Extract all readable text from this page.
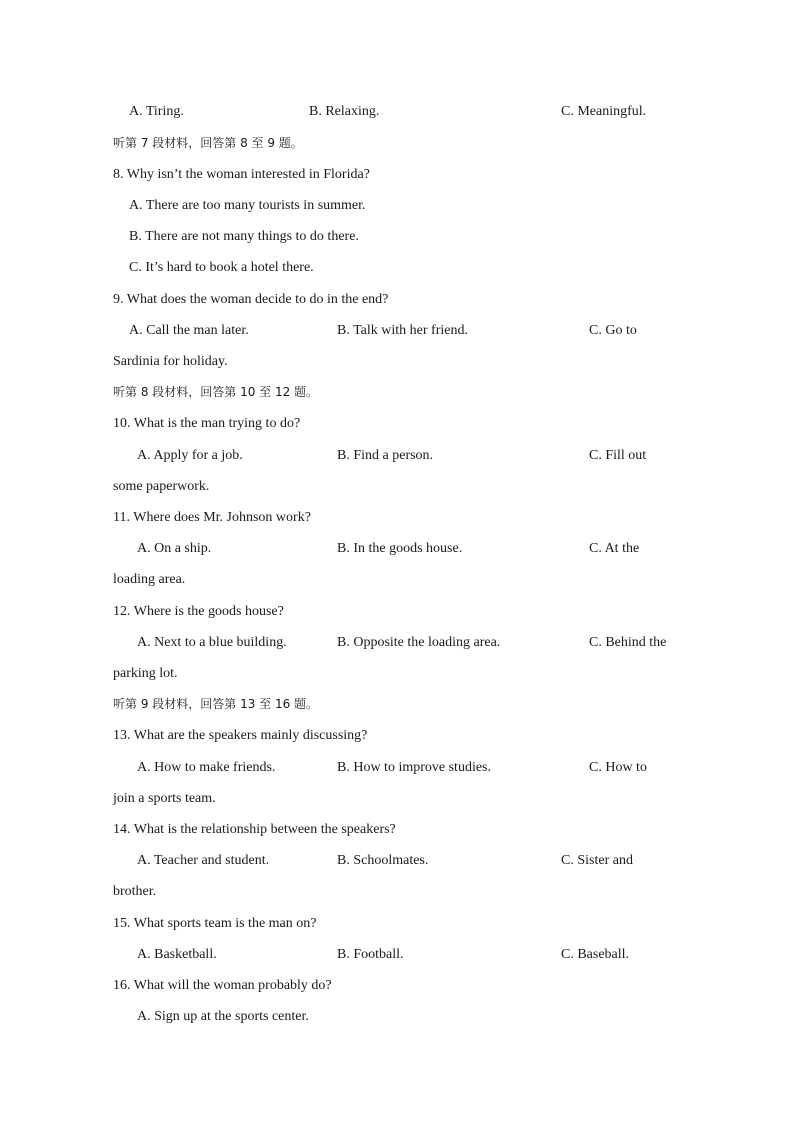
A. Tiring.	B. Relaxing.	C. Meaningful.
听第 7 段材料，回答第 8 至 9 题。
8. Why isn’t the woman interested in Florida?
A. There are too many tourists in summer.
B. There are not many things to do there.
C. It’s hard to book a hotel there.
9. What does the woman decide to do in the end?
A. Call the man later.	B. Talk with her friend.	C. Go to
Sardinia for holiday.
听第 8 段材料，回答第 10 至 12 题。
10. What is the man trying to do?
A. Apply for a job.	B. Find a person.	C. Fill out
some paperwork.
11. Where does Mr. Johnson work?
A. On a ship.	B. In the goods house.	C. At the
loading area.
12. Where is the goods house?
A. Next to a blue building.	B. Opposite the loading area.	C. Behind the
parking lot.
听第 9 段材料，回答第 13 至 16 题。
13. What are the speakers mainly discussing?
A. How to make friends.	B. How to improve studies.	C. How to
join a sports team.
14. What is the relationship between the speakers?
A. Teacher and student.	B. Schoolmates.	C. Sister and
brother.
15. What sports team is the man on?
A. Basketball.	B. Football.	C. Baseball.
16. What will the woman probably do?
A. Sign up at the sports center.
